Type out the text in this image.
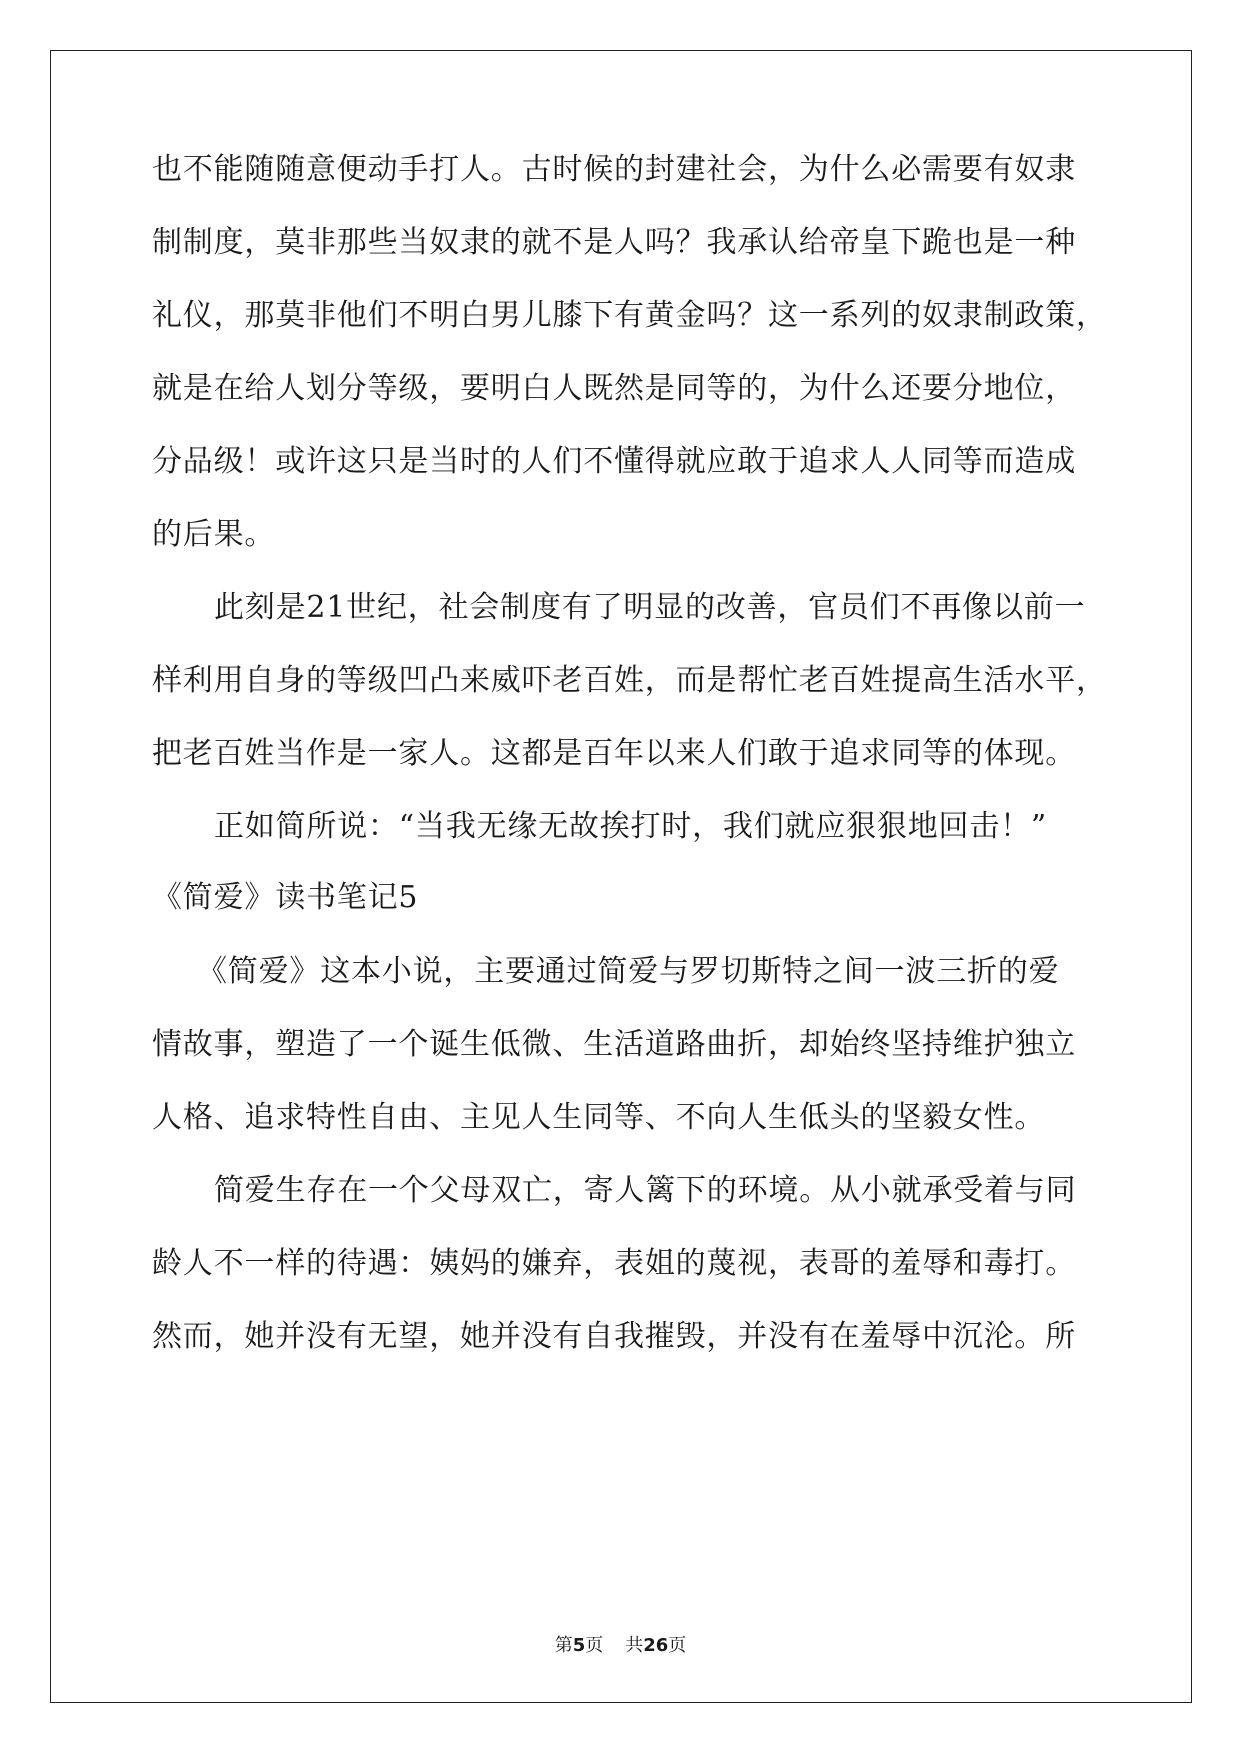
也不能随随意便动手打人。古时候的封建社会，为什么必需要有奴隶
制制度，莫非那些当奴隶的就不是人吗？我承认给帝皇下跪也是一种
礼仪，那莫非他们不明白男儿膝下有黄金吗？这一系列的奴隶制政策，
就是在给人划分等级，要明白人既然是同等的，为什么还要分地位，
分品级！或许这只是当时的人们不懂得就应敢于追求人人同等而造成
的后果。
此刻是21世纪，社会制度有了明显的改善，官员们不再像以前一
样利用自身的等级凹凸来威吓老百姓，而是帮忙老百姓提高生活水平，
把老百姓当作是一家人。这都是百年以来人们敢于追求同等的体现。
正如简所说：“当我无缘无故挨打时，我们就应狠狠地回击！”
《简爱》读书笔记5
《简爱》这本小说，主要通过简爱与罗切斯特之间一波三折的爱
情故事，塑造了一个诞生低微、生活道路曲折，却始终坚持维护独立
人格、追求特性自由、主见人生同等、不向人生低头的坚毅女性。
简爱生存在一个父母双亡，寄人篱下的环境。从小就承受着与同
龄人不一样的待遇：姨妈的嫌弃，表姐的蔑视，表哥的羞辱和毒打。
然而，她并没有无望，她并没有自我摧毁，并没有在羞辱中沉沦。所
第5页 共26页
